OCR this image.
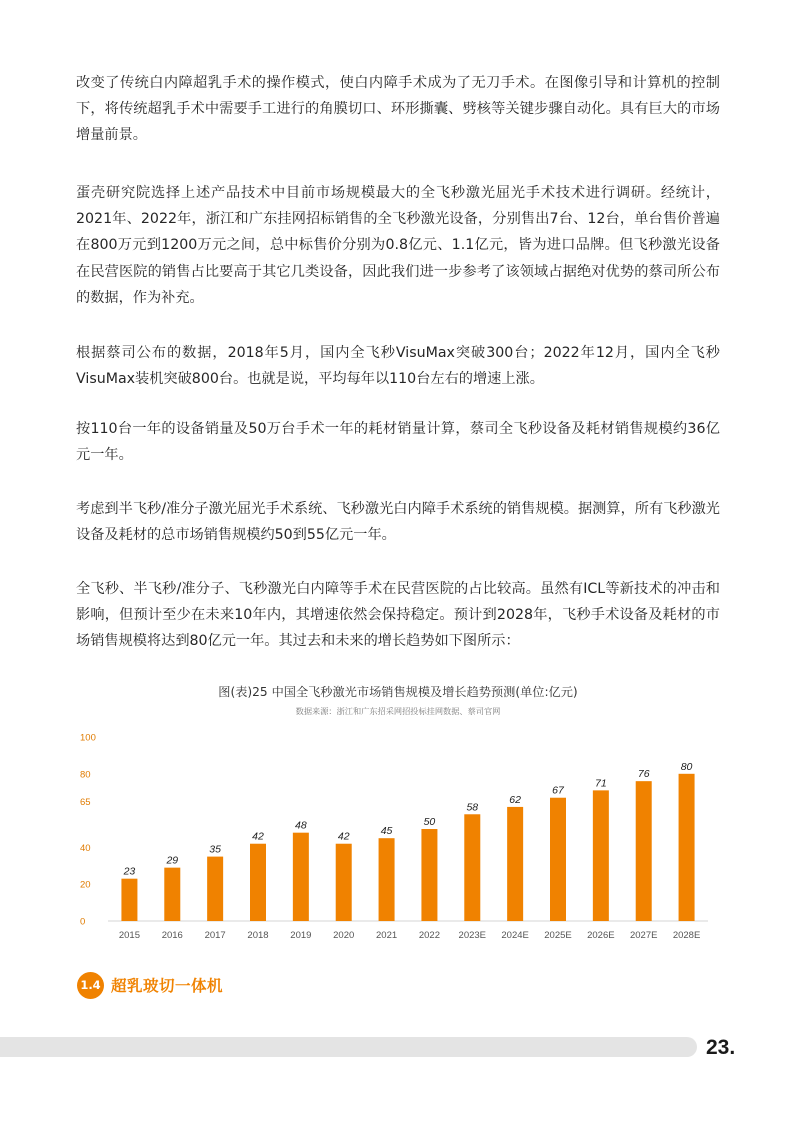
改变了传统白内障超乳手术的操作模式，使白内障手术成为了无刀手术。在图像引导和计算机的控制下，将传统超乳手术中需要手工进行的角膜切口、环形撕囊、劈核等关键步骤自动化。具有巨大的市场增量前景。

蛋壳研究院选择上述产品技术中目前市场规模最大的全飞秒激光屈光手术技术进行调研。经统计，2021年、2022年，浙江和广东挂网招标销售的全飞秒激光设备，分别售出7台、12台，单台售价普遍在800万元到1200万元之间，总中标售价分别为0.8亿元、1.1亿元，皆为进口品牌。但飞秒激光设备在民营医院的销售占比要高于其它几类设备，因此我们进一步参考了该领域占据绝对优势的蔡司所公布的数据，作为补充。

根据蔡司公布的数据，2018年5月，国内全飞秒VisuMax突破300台；2022年12月，国内全飞秒VisuMax装机突破800台。也就是说，平均每年以110台左右的增速上涨。

按110台一年的设备销量及50万台手术一年的耗材销量计算，蔡司全飞秒设备及耗材销售规模约36亿元一年。

考虑到半飞秒/准分子激光屈光手术系统、飞秒激光白内障手术系统的销售规模。据测算，所有飞秒激光设备及耗材的总市场销售规模约50到55亿元一年。

全飞秒、半飞秒/准分子、飞秒激光白内障等手术在民营医院的占比较高。虽然有ICL等新技术的冲击和影响，但预计至少在未来10年内，其增速依然会保持稳定。预计到2028年，飞秒手术设备及耗材的市场销售规模将达到80亿元一年。其过去和未来的增长趋势如下图所示：

图(表)25 中国全飞秒激光市场销售规模及增长趋势预测(单位:亿元)
数据来源：浙江和广东招采网招投标挂网数据、蔡司官网
0
20
40
65
80
100
23
2015
29
2016
35
2017
42
2018
48
2019
42
2020
45
2021
50
2022
58
2023E
62
2024E
67
2025E
71
2026E
76
2027E
80
2028E
1.4 超乳玻切一体机
23.
